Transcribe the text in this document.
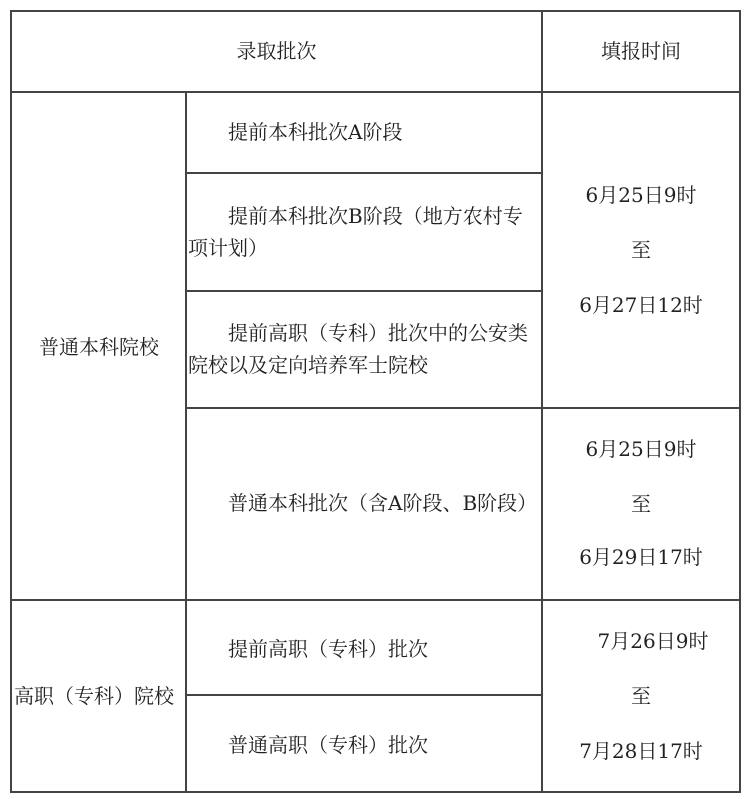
录取批次	填报时间
普通本科院校
提前本科批次A阶段
提前本科批次B阶段（地方农村专
项计划）
提前高职（专科）批次中的公安类
院校以及定向培养军士院校
普通本科批次（含A阶段、B阶段）
6月25日9时
至
6月27日12时
6月25日9时
至
6月29日17时
高职（专科）院校
提前高职（专科）批次
普通高职（专科）批次
7月26日9时
至
7月28日17时
